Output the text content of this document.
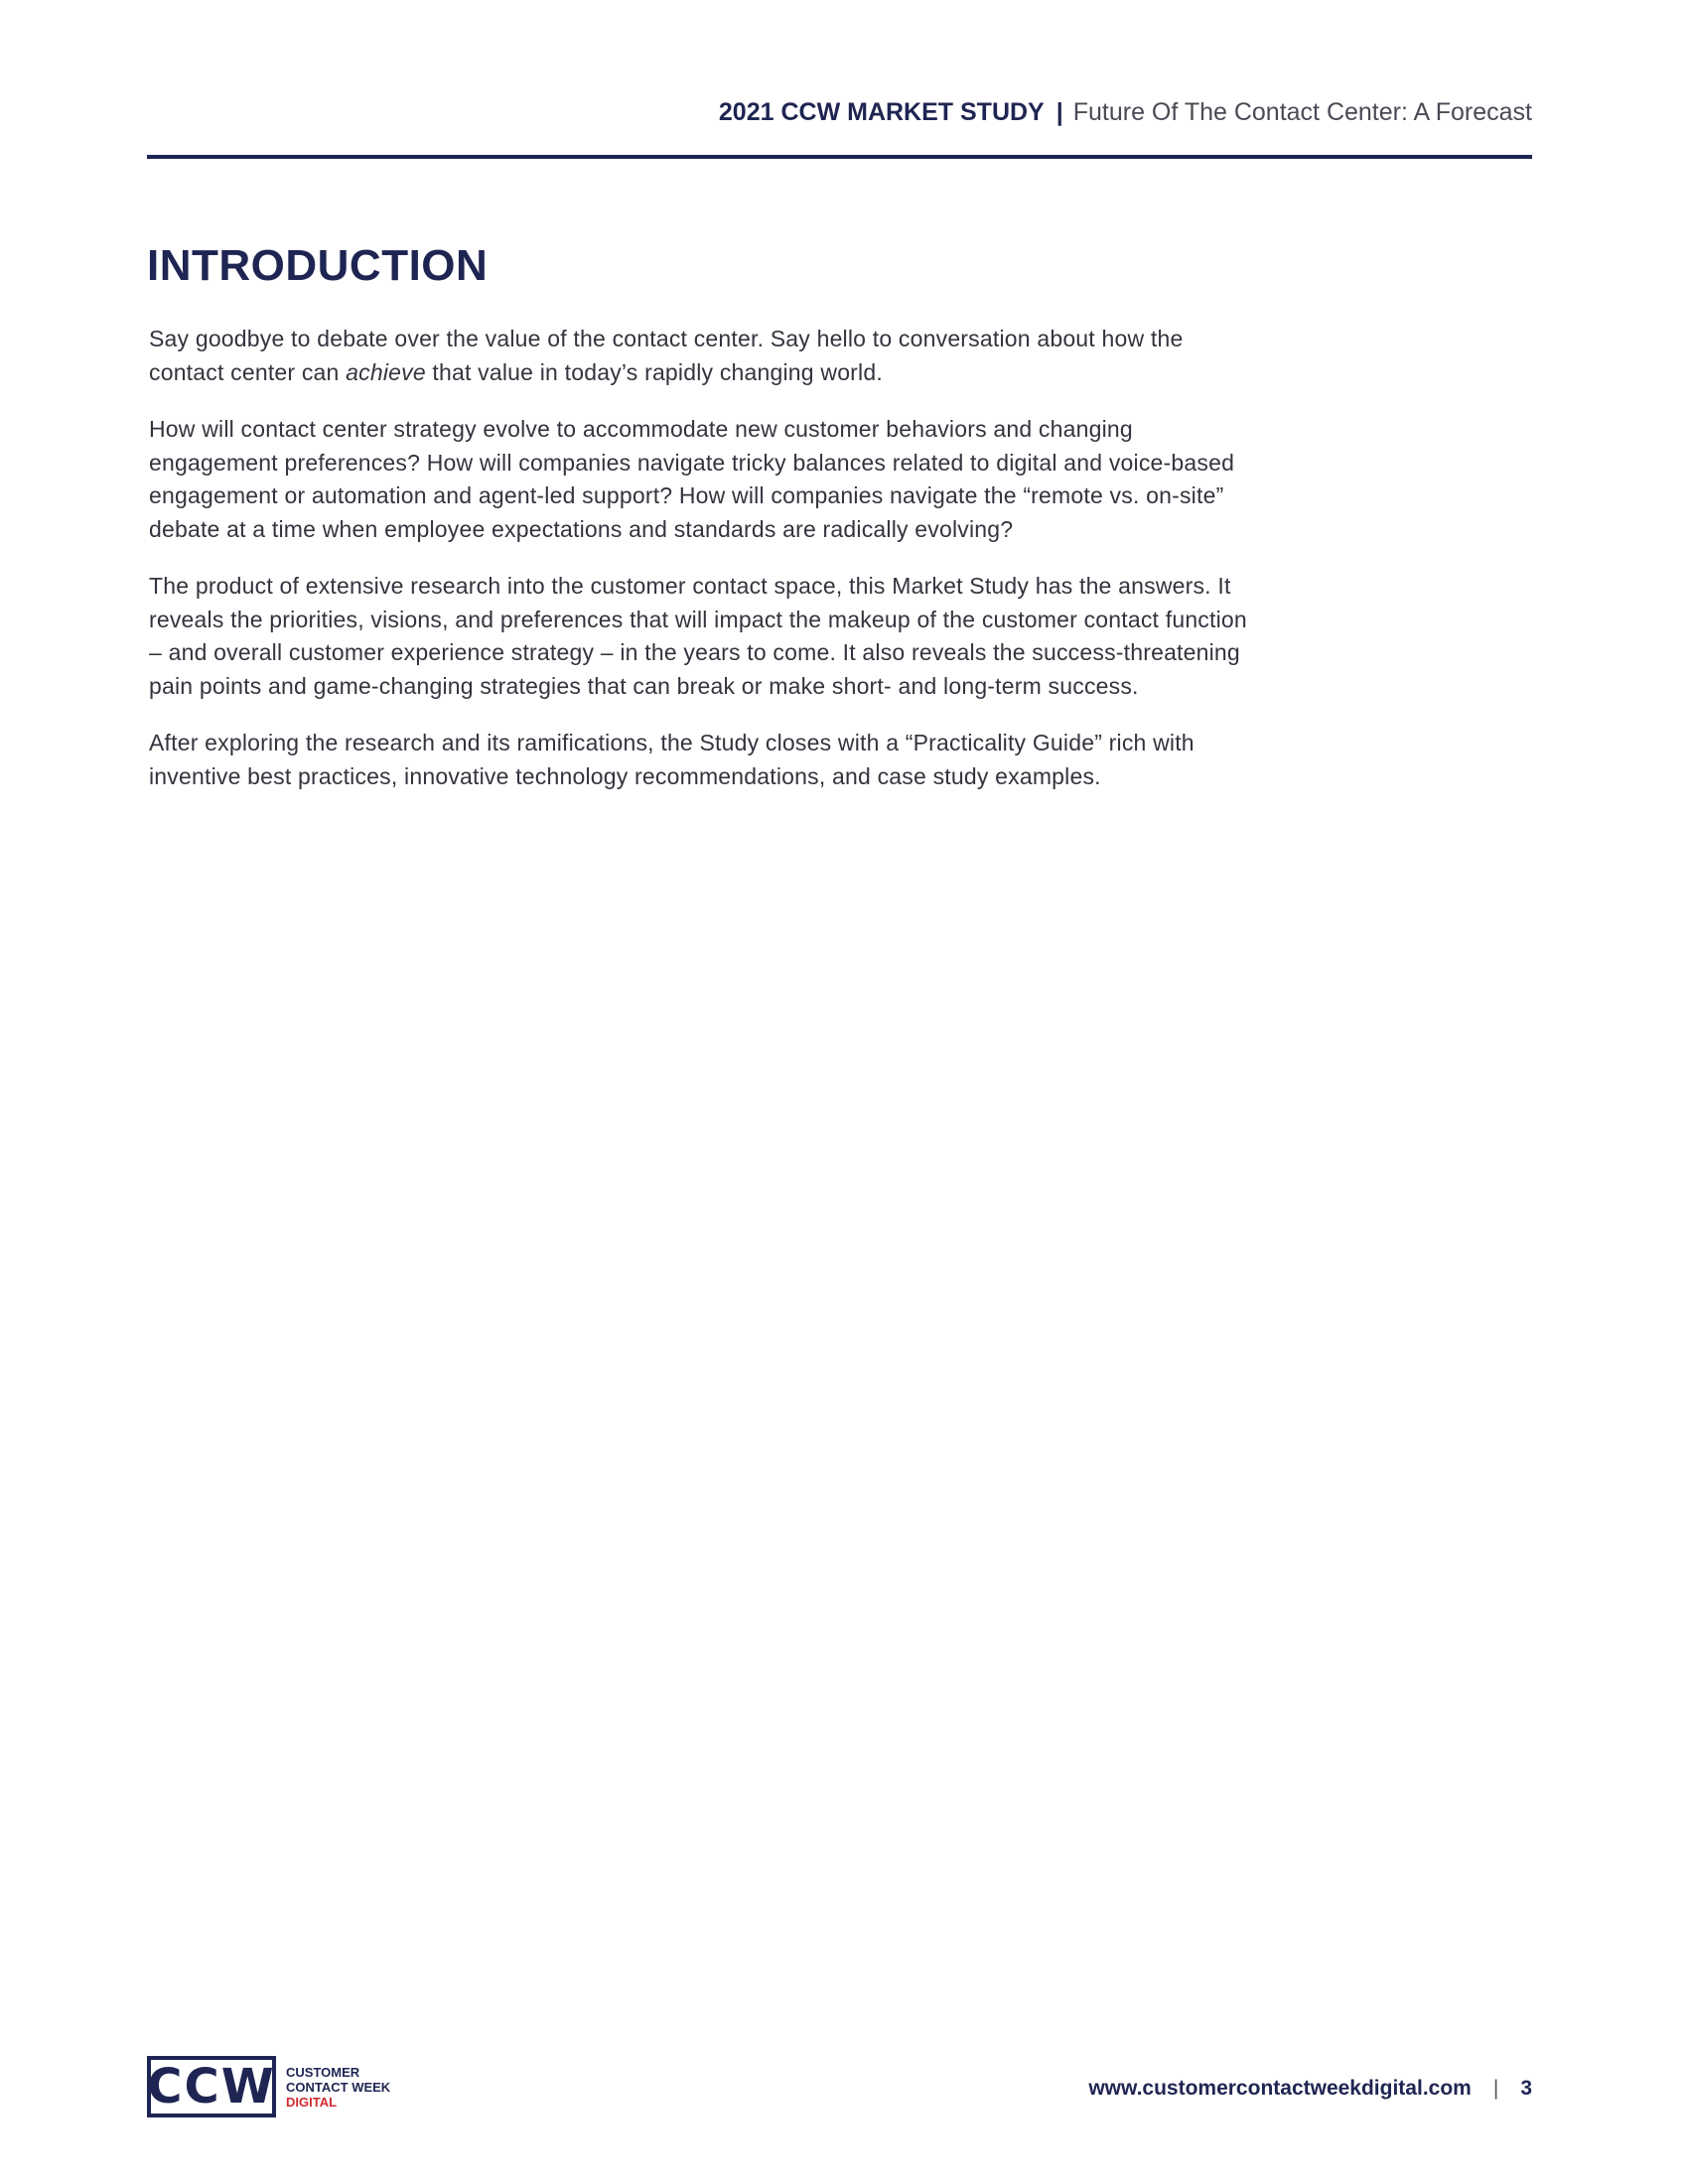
2021 CCW MARKET STUDY | Future Of The Contact Center: A Forecast
INTRODUCTION

Say goodbye to debate over the value of the contact center. Say hello to conversation about how the contact center can achieve that value in today’s rapidly changing world.

How will contact center strategy evolve to accommodate new customer behaviors and changing engagement preferences? How will companies navigate tricky balances related to digital and voice-based engagement or automation and agent-led support? How will companies navigate the “remote vs. on-site” debate at a time when employee expectations and standards are radically evolving?

The product of extensive research into the customer contact space, this Market Study has the answers. It reveals the priorities, visions, and preferences that will impact the makeup of the customer contact function – and overall customer experience strategy – in the years to come. It also reveals the success-threatening pain points and game-changing strategies that can break or make short- and long-term success.

After exploring the research and its ramifications, the Study closes with a “Practicality Guide” rich with inventive best practices, innovative technology recommendations, and case study examples.

CCW CUSTOMER
CONTACT WEEK
DIGITAL
www.customercontactweekdigital.com | 3
